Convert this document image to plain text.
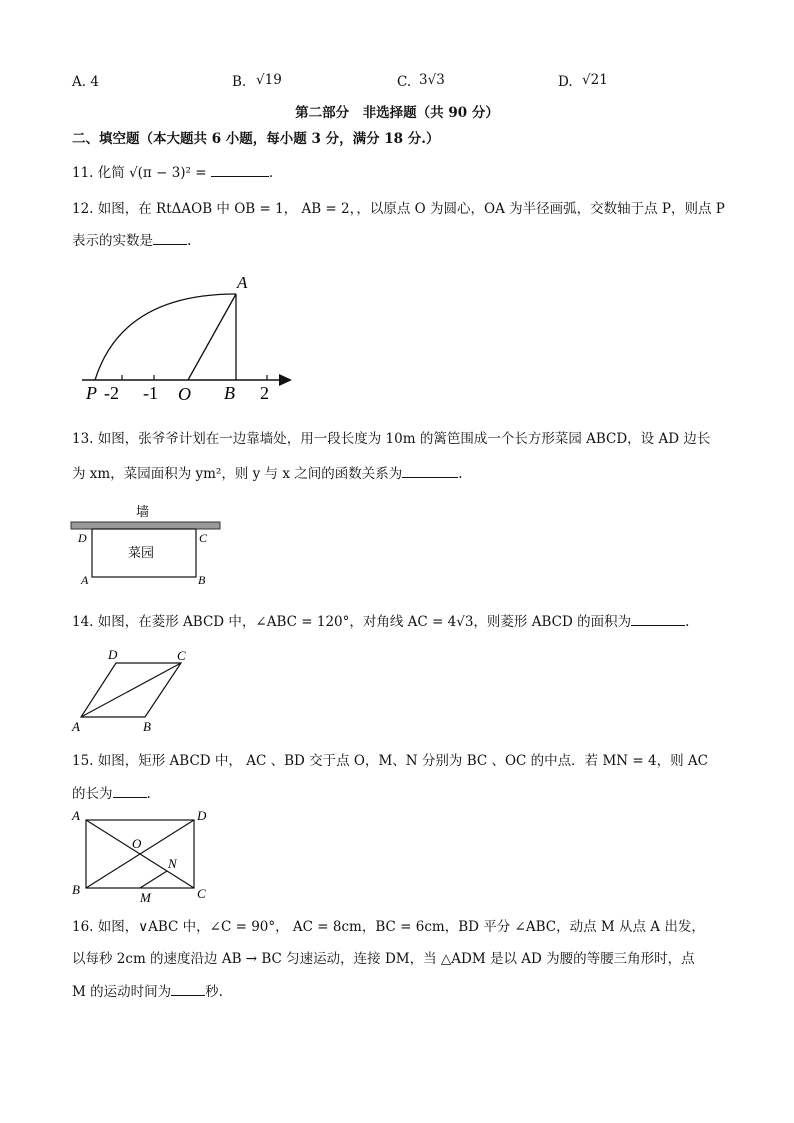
A. 4	B. √19	C. 3√3	D. √21
第二部分　非选择题（共 90 分）
二、填空题（本大题共 6 小题，每小题 3 分，满分 18 分.）
11. 化简 √(π − 3)² =	.
12. 如图，在 RtΔAOB 中 OB = 1， AB = 2，，以原点 O 为圆心，OA 为半径画弧，交数轴于点 P，则点 P
表示的实数是	.
A
P -2 -1 O B 2
13. 如图，张爷爷计划在一边靠墙处，用一段长度为 10m 的篱笆围成一个长方形菜园 ABCD，设 AD 边长
为 xm，菜园面积为 ym²，则 y 与 x 之间的函数关系为	.
墙
菜园
D	C
A	B
14. 如图，在菱形 ABCD 中，∠ABC = 120°，对角线 AC = 4√3，则菱形 ABCD 的面积为	.
D	C
A	B
15. 如图，矩形 ABCD 中， AC 、BD 交于点 O，M、N 分别为 BC 、OC 的中点．若 MN = 4，则 AC
的长为	.
A	D
O
N
B
M	C
16. 如图，∨ABC 中，∠C = 90°， AC = 8cm，BC = 6cm，BD 平分 ∠ABC，动点 M 从点 A 出发，
以每秒 2cm 的速度沿边 AB → BC 匀速运动，连接 DM，当 △ADM 是以 AD 为腰的等腰三角形时，点
M 的运动时间为	秒.
